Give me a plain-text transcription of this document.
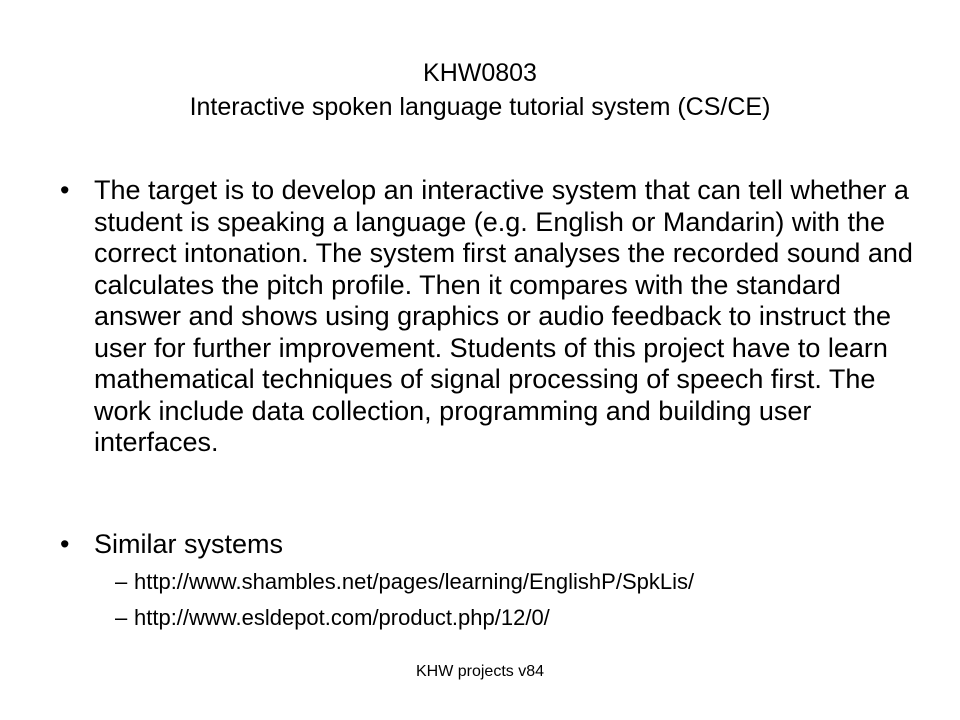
KHW0803
Interactive spoken language tutorial system (CS/CE)
• The target is to develop an interactive system that can tell whether a student is speaking a language (e.g. English or Mandarin) with the correct intonation. The system first analyses the recorded sound and calculates the pitch profile. Then it compares with the standard answer and shows using graphics or audio feedback to instruct the user for further improvement. Students of this project have to learn mathematical techniques of signal processing of speech first. The work include data collection, programming and building user interfaces.
• Similar systems
– http://www.shambles.net/pages/learning/EnglishP/SpkLis/
– http://www.esldepot.com/product.php/12/0/
KHW projects v84
